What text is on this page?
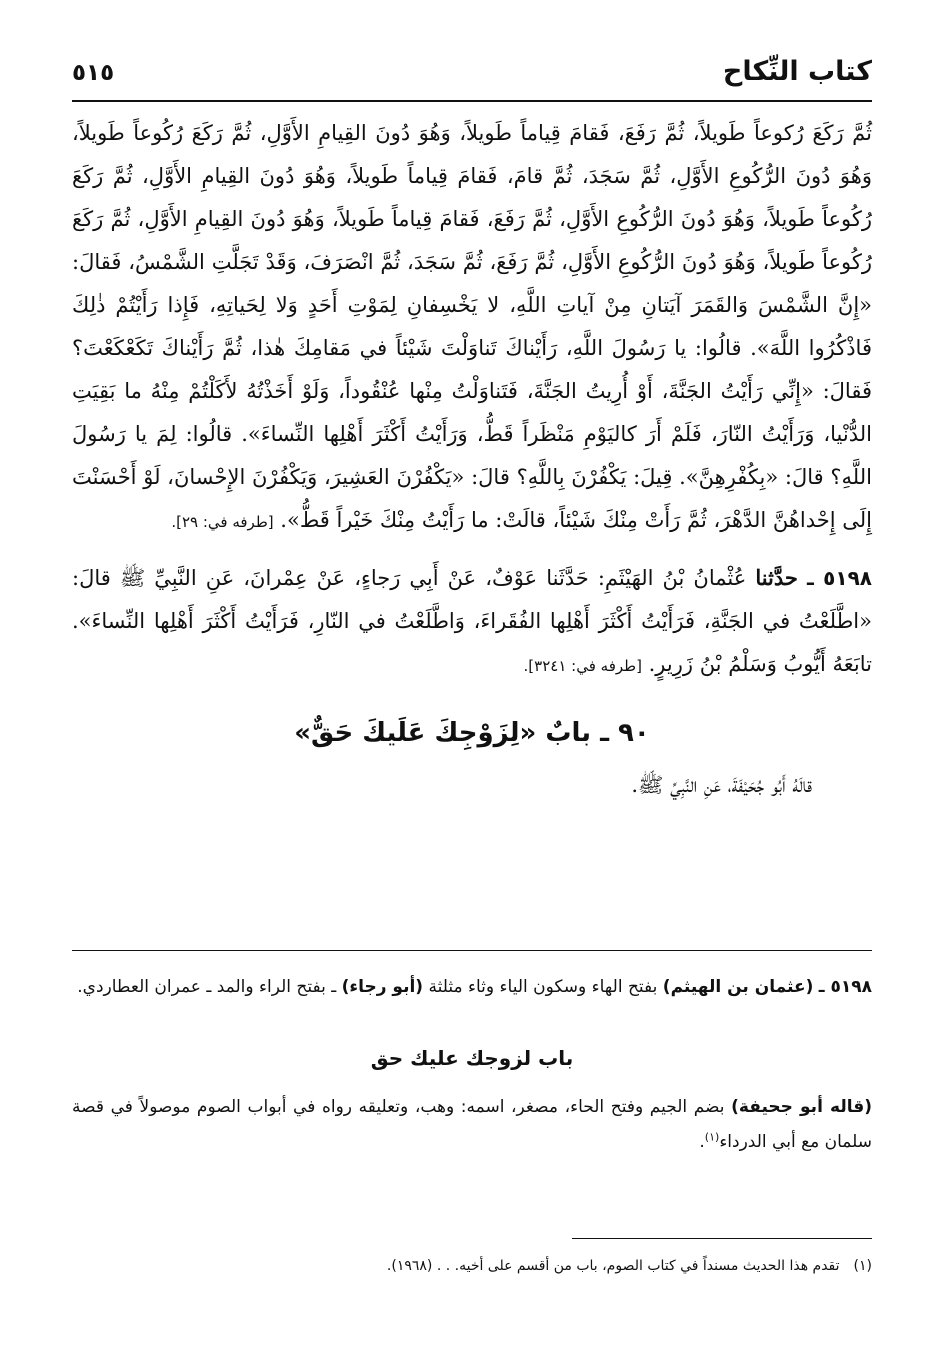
كتاب النِّكاح
٥١٥

ثُمَّ رَكَعَ رُكوعاً طَويلاً، ثُمَّ رَفَعَ، فَقامَ قِياماً طَويلاً، وَهُوَ دُونَ القِيامِ الأَوَّلِ، ثُمَّ رَكَعَ رُكُوعاً طَويلاً، وَهُوَ دُونَ الرُّكُوعِ الأَوَّلِ، ثُمَّ سَجَدَ، ثُمَّ قامَ، فَقامَ قِياماً طَويلاً، وَهُوَ دُونَ القِيامِ الأَوَّلِ، ثُمَّ رَكَعَ رُكُوعاً طَويلاً، وَهُوَ دُونَ الرُّكُوعِ الأَوَّلِ، ثُمَّ رَفَعَ، فَقامَ قِياماً طَويلاً، وَهُوَ دُونَ القِيامِ الأَوَّلِ، ثُمَّ رَكَعَ رُكُوعاً طَويلاً، وَهُوَ دُونَ الرُّكُوعِ الأَوَّلِ، ثُمَّ رَفَعَ، ثُمَّ سَجَدَ، ثُمَّ انْصَرَفَ، وَقَدْ تَجَلَّتِ الشَّمْسُ، فَقالَ: «إِنَّ الشَّمْسَ وَالقَمَرَ آيَتانِ مِنْ آياتِ اللَّهِ، لا يَخْسِفانِ لِمَوْتِ أَحَدٍ وَلا لِحَياتِهِ، فَإِذا رَأَيْتُمْ ذٰلِكَ فَاذْكُرُوا اللَّهَ». قالُوا: يا رَسُولَ اللَّهِ، رَأَيْناكَ تَناوَلْتَ شَيْئاً في مَقامِكَ هٰذا، ثُمَّ رَأَيْناكَ تَكَعْكَعْتَ؟ فَقالَ: «إِنِّي رَأَيْتُ الجَنَّةَ، أَوْ أُرِيتُ الجَنَّةَ، فَتَناوَلْتُ مِنْها عُنْقُوداً، وَلَوْ أَخَذْتُهُ لأَكَلْتُمْ مِنْهُ ما بَقِيَتِ الدُّنْيا، وَرَأَيْتُ النّارَ، فَلَمْ أَرَ كاليَوْمِ مَنْظَراً قَطُّ، وَرَأَيْتُ أَكْثَرَ أَهْلِها النِّساءَ». قالُوا: لِمَ يا رَسُولَ اللَّهِ؟ قالَ: «بِكُفْرِهِنَّ». قِيلَ: يَكْفُرْنَ بِاللَّهِ؟ قالَ: «يَكْفُرْنَ العَشِيرَ، وَيَكْفُرْنَ الإِحْسانَ، لَوْ أَحْسَنْتَ إِلَى إِحْداهُنَّ الدَّهْرَ، ثُمَّ رَأَتْ مِنْكَ شَيْئاً، قالَتْ: ما رَأَيْتُ مِنْكَ خَيْراً قَطُّ». [طرفه في: ٢٩].

٥١٩٨ ـ حدَّثنا عُثْمانُ بْنُ الهَيْثَمِ: حَدَّثَنا عَوْفٌ، عَنْ أَبِي رَجاءٍ، عَنْ عِمْرانَ، عَنِ النَّبِيِّ ﷺ قالَ: «اطَّلَعْتُ في الجَنَّةِ، فَرَأَيْتُ أَكْثَرَ أَهْلِها الفُقَراءَ، وَاطَّلَعْتُ في النّارِ، فَرَأَيْتُ أَكْثَرَ أَهْلِها النِّساءَ». تابَعَهُ أَيُّوبُ وَسَلْمُ بْنُ زَرِيرٍ. [طرفه في: ٣٢٤١].

٩٠ ـ بابٌ «لِزَوْجِكَ عَلَيكَ حَقٌّ»

قالَهُ أَبُو جُحَيْفَةَ، عَنِ النَّبِيِّ ﷺ.

٥١٩٨ ـ (عثمان بن الهيثم) بفتح الهاء وسكون الياء وثاء مثلثة (أبو رجاء) ـ بفتح الراء والمد ـ عمران العطاردي.

باب لزوجك عليك حق

(قاله أبو جحيفة) بضم الجيم وفتح الحاء، مصغر، اسمه: وهب، وتعليقه رواه في أبواب الصوم موصولاً في قصة سلمان مع أبي الدرداء$^{(١)}$.

(١)تقدم هذا الحديث مسنداً في كتاب الصوم، باب من أقسم على أخيه. . . (١٩٦٨).
